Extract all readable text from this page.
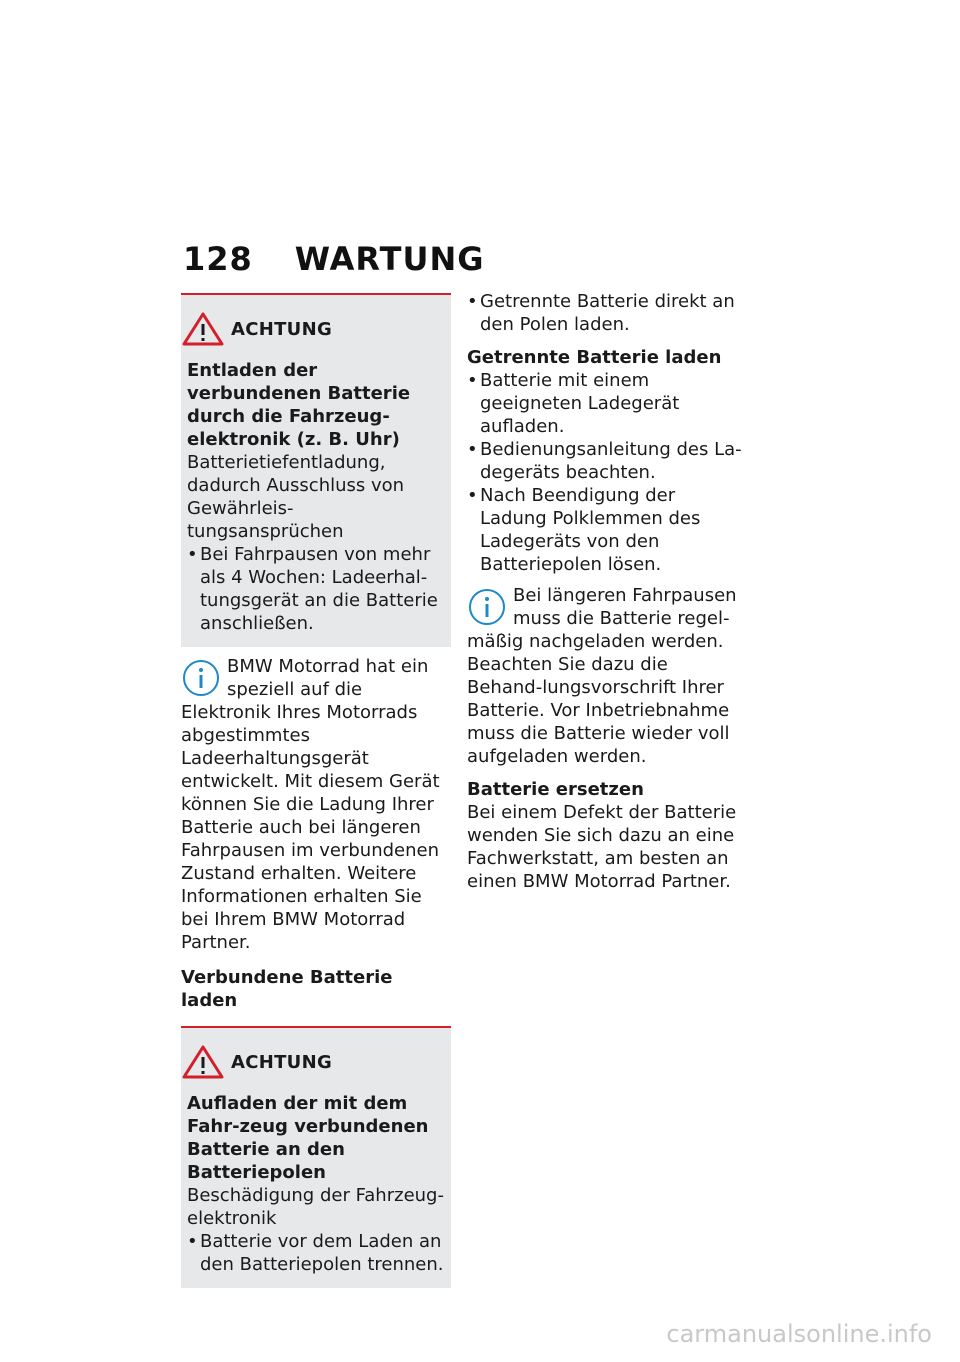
128 WARTUNG
ACHTUNG
Entladen der verbundenen Batterie durch die Fahrzeug-elektronik (z. B. Uhr)
Batterietiefentladung, dadurch Ausschluss von Gewährleis-tungsansprüchen
• Bei Fahrpausen von mehr als 4 Wochen: Ladeerhal-tungsgerät an die Batterie anschließen.
BMW Motorrad hat ein speziell auf die Elektronik Ihres Motorrads abgestimmtes Ladeerhaltungsgerät entwickelt. Mit diesem Gerät können Sie die Ladung Ihrer Batterie auch bei längeren Fahrpausen im verbundenen Zustand erhalten. Weitere Informationen erhalten Sie bei Ihrem BMW Motorrad Partner.
Verbundene Batterie laden
ACHTUNG
Aufladen der mit dem Fahr-zeug verbundenen Batterie an den Batteriepolen
Beschädigung der Fahrzeug-elektronik
• Batterie vor dem Laden an den Batteriepolen trennen.
• Getrennte Batterie direkt an den Polen laden.
Getrennte Batterie laden
• Batterie mit einem geeigneten Ladegerät aufladen.
• Bedienungsanleitung des La-degeräts beachten.
• Nach Beendigung der Ladung Polklemmen des Ladegeräts von den Batteriepolen lösen.
Bei längeren Fahrpausen muss die Batterie regel-mäßig nachgeladen werden. Beachten Sie dazu die Behand-lungsvorschrift Ihrer Batterie. Vor Inbetriebnahme muss die Batterie wieder voll aufgeladen werden.
Batterie ersetzen
Bei einem Defekt der Batterie wenden Sie sich dazu an eine Fachwerkstatt, am besten an einen BMW Motorrad Partner.
carmanualsonline.info
